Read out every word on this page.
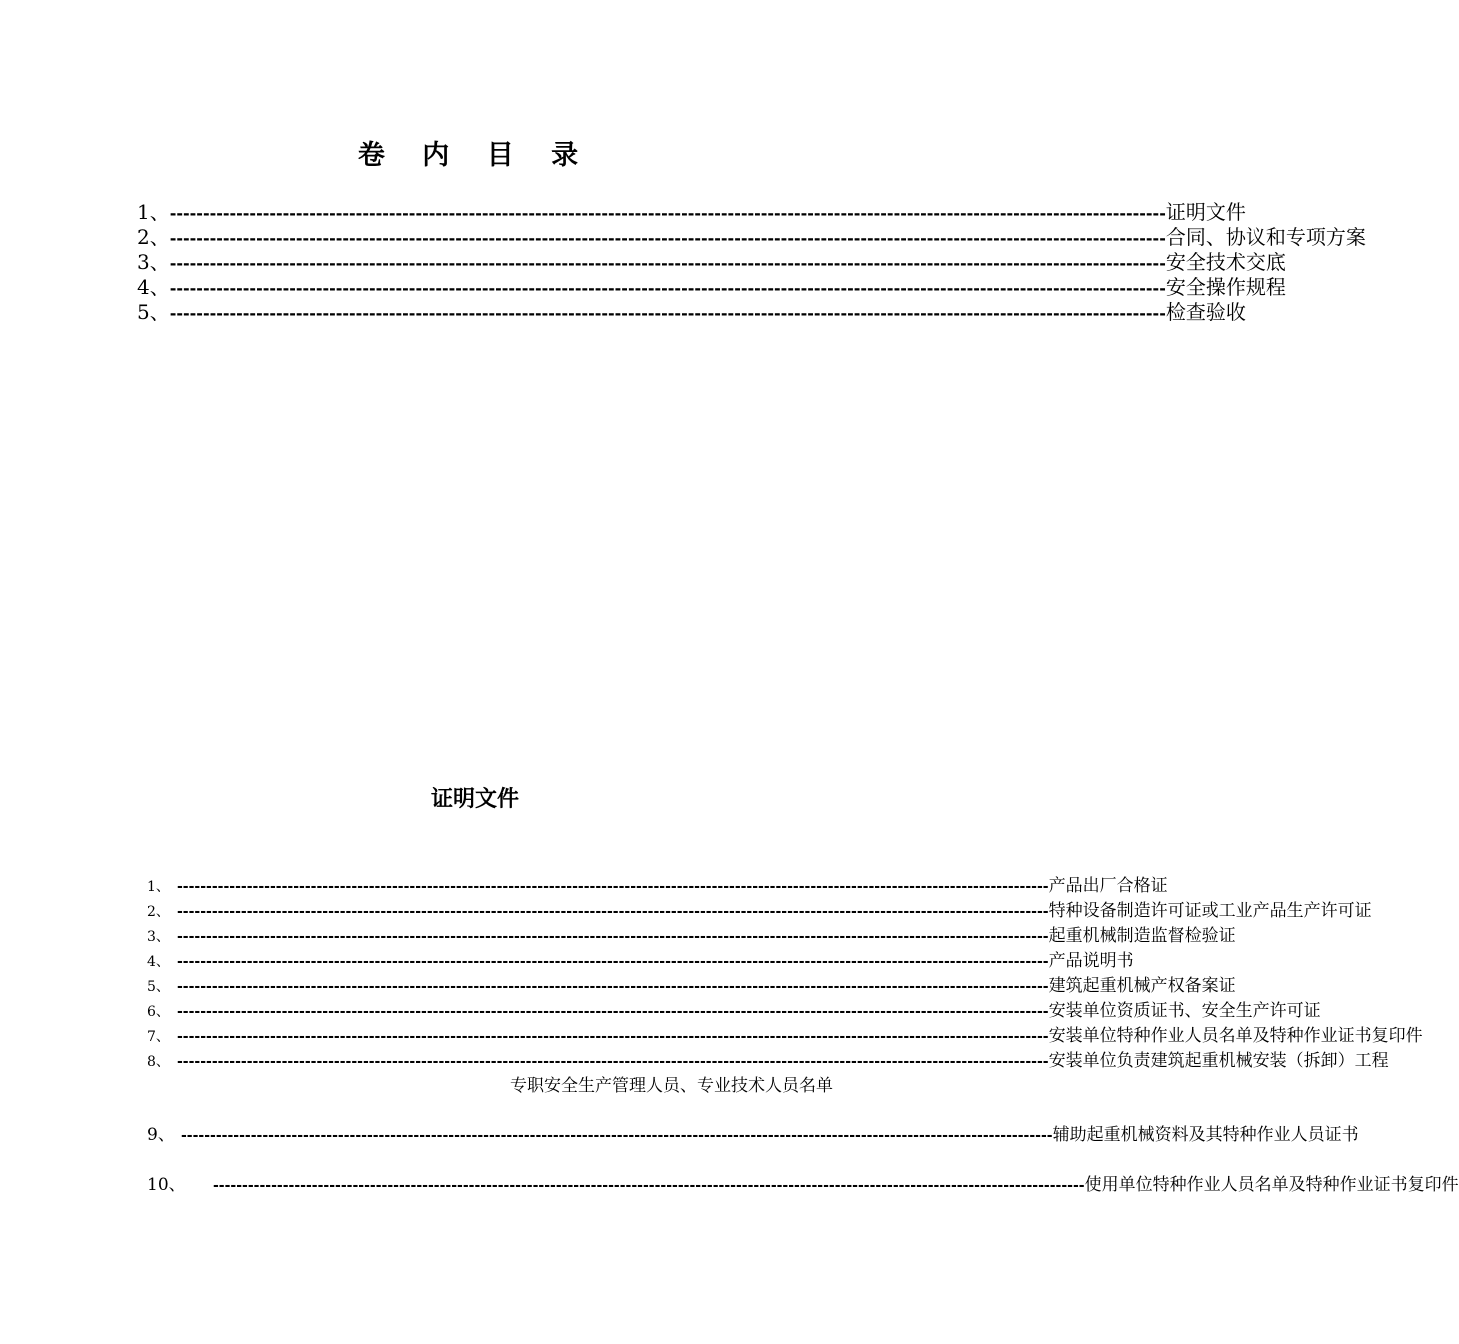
卷 内 目 录
1、 ------------------------------------------------------------------------------------------------------------------------------------------------------ 证明文件
2、 ------------------------------------------------------------------------------------------------------------------------------------------------------ 合同、协议和专项方案
3、 ------------------------------------------------------------------------------------------------------------------------------------------------------ 安全技术交底
4、 ------------------------------------------------------------------------------------------------------------------------------------------------------ 安全操作规程
5、 ------------------------------------------------------------------------------------------------------------------------------------------------------ 检查验收
证明文件
1、 ------------------------------------------------------------------------------------------------------------------------------------------------------ 产品出厂合格证
2、 ------------------------------------------------------------------------------------------------------------------------------------------------------ 特种设备制造许可证或工业产品生产许可证
3、 ------------------------------------------------------------------------------------------------------------------------------------------------------ 起重机械制造监督检验证
4、 ------------------------------------------------------------------------------------------------------------------------------------------------------ 产品说明书
5、 ------------------------------------------------------------------------------------------------------------------------------------------------------ 建筑起重机械产权备案证
6、 ------------------------------------------------------------------------------------------------------------------------------------------------------ 安装单位资质证书、安全生产许可证
7、 ------------------------------------------------------------------------------------------------------------------------------------------------------ 安装单位特种作业人员名单及特种作业证书复印件
8、 ------------------------------------------------------------------------------------------------------------------------------------------------------ 安装单位负责建筑起重机械安装（拆卸）工程
专职安全生产管理人员、专业技术人员名单
9、 ------------------------------------------------------------------------------------------------------------------------------------------------------ 辅助起重机械资料及其特种作业人员证书
10、	------------------------------------------------------------------------------------------------------------------------------------------------------ 使用单位特种作业人员名单及特种作业证书复印件
